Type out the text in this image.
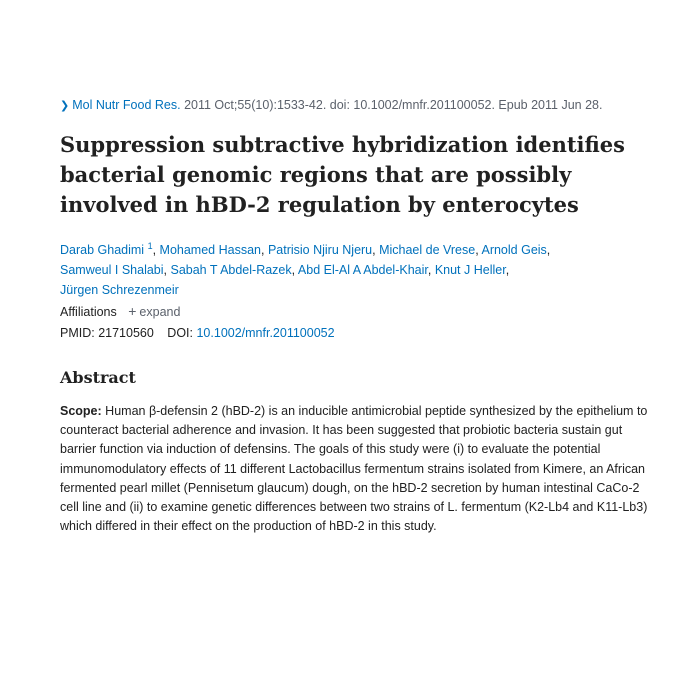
❯ Mol Nutr Food Res. 2011 Oct;55(10):1533-42. doi: 10.1002/mnfr.201100052. Epub 2011 Jun 28.
Suppression subtractive hybridization identifies bacterial genomic regions that are possibly involved in hBD-2 regulation by enterocytes
Darab Ghadimi $^1$, Mohamed Hassan, Patrisio Njiru Njeru, Michael de Vrese, Arnold Geis,
Samweul I Shalabi, Sabah T Abdel-Razek, Abd El-Al A Abdel-Khair, Knut J Heller,
Jürgen Schrezenmeir
Affiliations + expand
PMID: 21710560 DOI: 10.1002/mnfr.201100052
Abstract

Scope: Human β-defensin 2 (hBD-2) is an inducible antimicrobial peptide synthesized by the epithelium to counteract bacterial adherence and invasion. It has been suggested that probiotic bacteria sustain gut barrier function via induction of defensins. The goals of this study were (i) to evaluate the potential immunomodulatory effects of 11 different Lactobacillus fermentum strains isolated from Kimere, an African fermented pearl millet (Pennisetum glaucum) dough, on the hBD-2 secretion by human intestinal CaCo-2 cell line and (ii) to examine genetic differences between two strains of L. fermentum (K2-Lb4 and K11-Lb3) which differed in their effect on the production of hBD-2 in this study.
